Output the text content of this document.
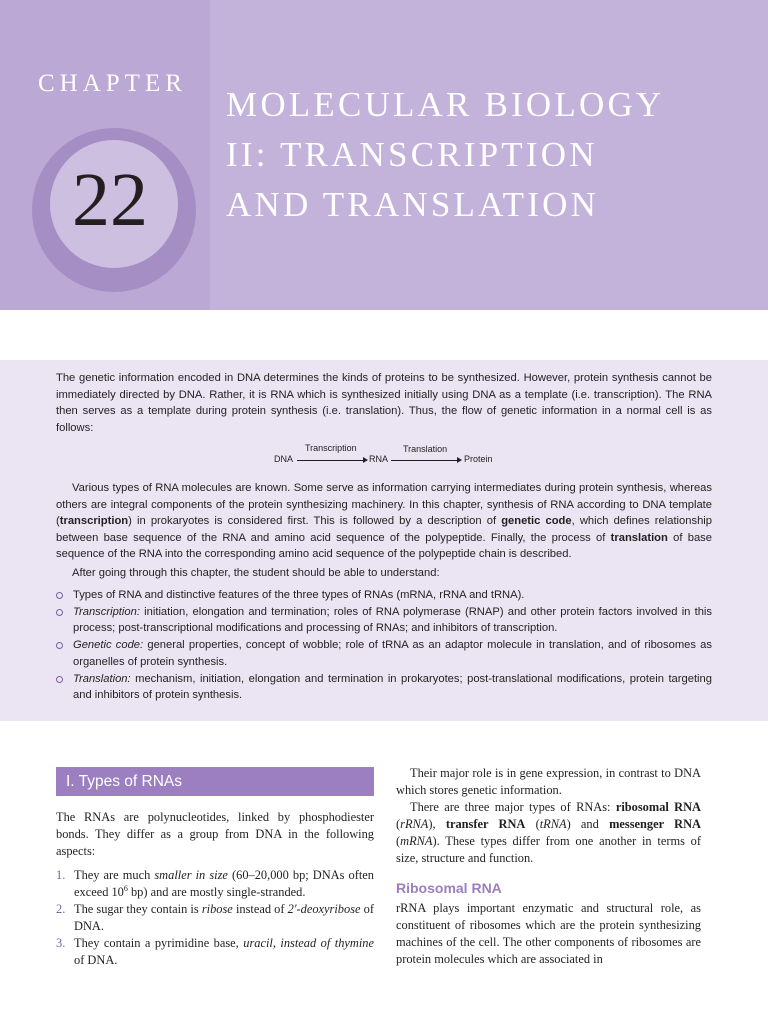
CHAPTER
22
MOLECULAR BIOLOGY
II: TRANSCRIPTION
AND TRANSLATION

The genetic information encoded in DNA determines the kinds of proteins to be synthesized. However, protein synthesis cannot be immediately directed by DNA. Rather, it is RNA which is synthesized initially using DNA as a template (i.e. transcription). The RNA then serves as a template during protein synthesis (i.e. translation). Thus, the flow of genetic information in a normal cell is as follows:

DNA
Transcription
RNA
Translation
Protein

Various types of RNA molecules are known. Some serve as information carrying intermediates during protein synthesis, whereas others are integral components of the protein synthesizing machinery. In this chapter, synthesis of RNA according to DNA template (transcription) in prokaryotes is considered first. This is followed by a description of genetic code, which defines relationship between base sequence of the RNA and amino acid sequence of the polypeptide. Finally, the process of translation of base sequence of the RNA into the corresponding amino acid sequence of the polypeptide chain is described.

After going through this chapter, the student should be able to understand:

Types of RNA and distinctive features of the three types of RNAs (mRNA, rRNA and tRNA).
Transcription: initiation, elongation and termination; roles of RNA polymerase (RNAP) and other protein factors involved in this process; post-transcriptional modifications and processing of RNAs; and inhibitors of transcription.
Genetic code: general properties, concept of wobble; role of tRNA as an adaptor molecule in translation, and of ribosomes as organelles of protein synthesis.
Translation: mechanism, initiation, elongation and termination in prokaryotes; post-translational modifications, protein targeting and inhibitors of protein synthesis.
I. Types of RNAs

The RNAs are polynucleotides, linked by phosphodiester bonds. They differ as a group from DNA in the following aspects:

1. They are much smaller in size (60–20,000 bp; DNAs often exceed $10^6$ bp) and are mostly single-stranded.
2. The sugar they contain is ribose instead of 2′-deoxyribose of DNA.
3. They contain a pyrimidine base, uracil, instead of thymine of DNA.

Their major role is in gene expression, in contrast to DNA which stores genetic information.

There are three major types of RNAs: ribosomal RNA (rRNA), transfer RNA (tRNA) and messenger RNA (mRNA). These types differ from one another in terms of size, structure and function.

Ribosomal RNA

rRNA plays important enzymatic and structural role, as constituent of ribosomes which are the protein synthesizing machines of the cell. The other components of ribosomes are protein molecules which are associated in
